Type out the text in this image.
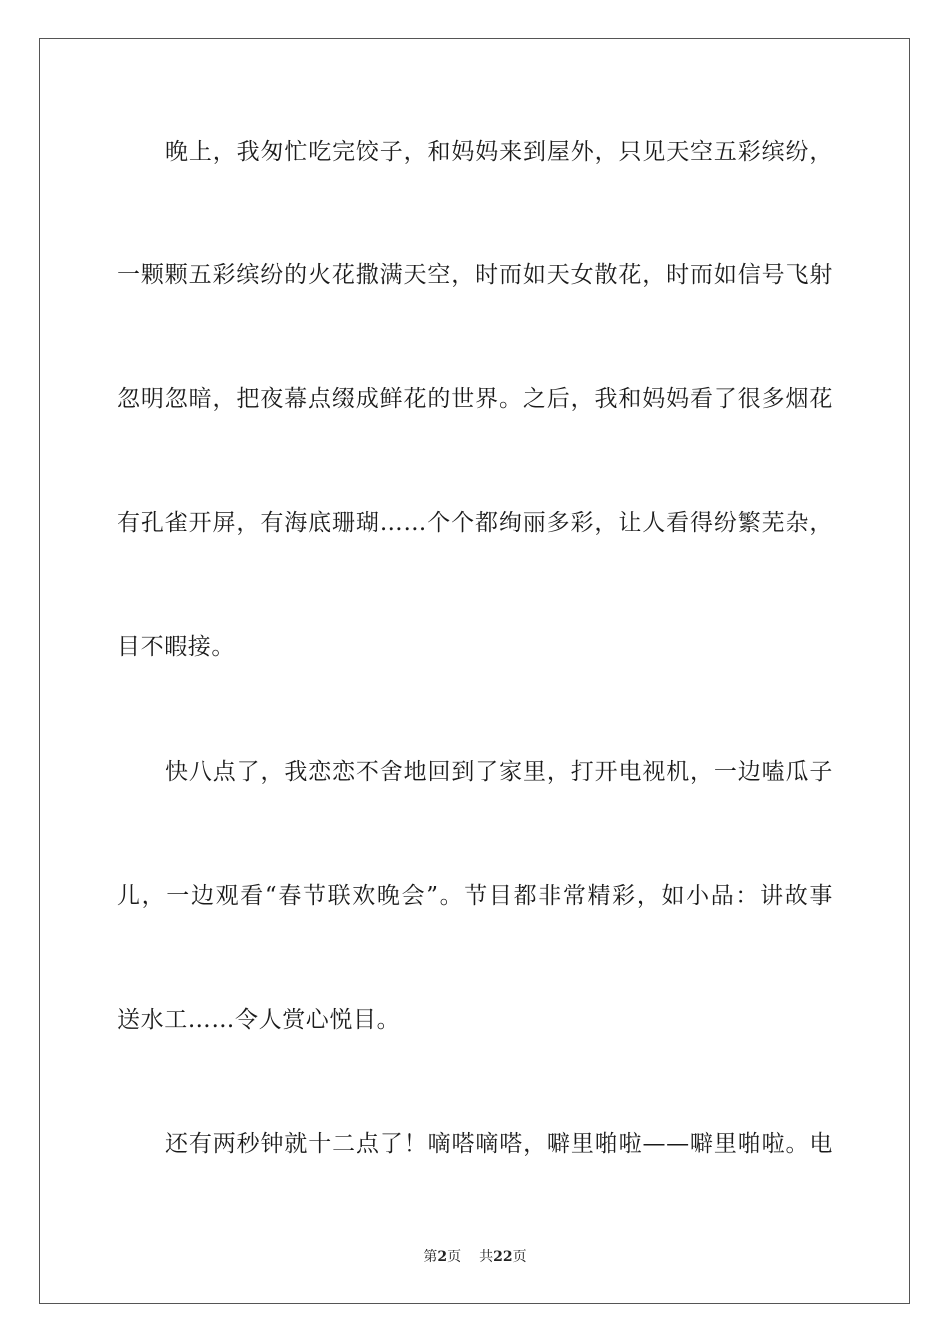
晚上，我匆忙吃完饺子，和妈妈来到屋外，只见天空五彩缤纷，
一颗颗五彩缤纷的火花撒满天空，时而如天女散花，时而如信号飞射
忽明忽暗，把夜幕点缀成鲜花的世界。之后，我和妈妈看了很多烟花
有孔雀开屏，有海底珊瑚……个个都绚丽多彩，让人看得纷繁芜杂，
目不暇接。
快八点了，我恋恋不舍地回到了家里，打开电视机，一边嗑瓜子
儿，一边观看“春节联欢晚会”。节目都非常精彩，如小品：讲故事
送水工……令人赏心悦目。
还有两秒钟就十二点了！嘀嗒嘀嗒，噼里啪啦——噼里啪啦。电
第2页 共22页
